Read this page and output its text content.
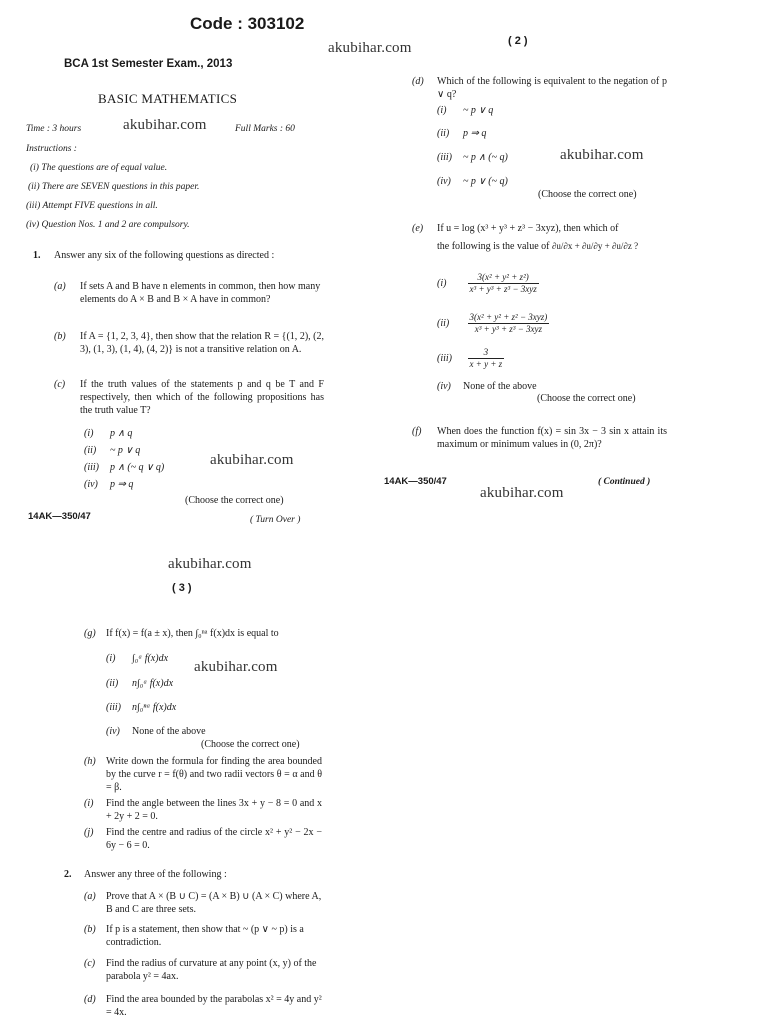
Code : 303102
akubihar.com
BCA 1st Semester Exam., 2013
BASIC MATHEMATICS
Time : 3 hours	akubihar.com	Full Marks : 60
Instructions :
(i) The questions are of equal value.
(ii) There are SEVEN questions in this paper.
(iii) Attempt FIVE questions in all.
(iv) Question Nos. 1 and 2 are compulsory.
1. Answer any six of the following questions as directed :
(a) If sets A and B have n elements in common, then how many elements do A × B and B × A have in common?
(b) If A = {1, 2, 3, 4}, then show that the relation R = {(1, 2), (2, 3), (1, 3), (1, 4), (4, 2)} is not a transitive relation on A.
(c) If the truth values of the statements p and q be T and F respectively, then which of the following propositions has the truth value T?
(i) p ∧ q
(ii) ~ p ∨ q
(iii) p ∧ (~ q ∨ q)	akubihar.com
(iv) p ⇒ q
(Choose the correct one)
14AK—350/47	( Turn Over )
( 2 )
(d) Which of the following is equivalent to the negation of p ∨ q?
(i) ~ p ∨ q
(ii) p ⇒ q
(iii) ~ p ∧ (~ q)	akubihar.com
(iv) ~ p ∨ (~ q)
(Choose the correct one)
(e) If u = log (x³ + y³ + z³ − 3xyz), then which of
the following is the value of ∂u/∂x + ∂u/∂y + ∂u/∂z ?
$(i) \frac{\text{3(x² + y² + z²)}}{\text{x³ + y³ + z³ − 3xyz}}$
$(ii) \frac{\text{3(x² + y² + z² − 3xyz)}}{\text{x³ + y³ + z³ − 3xyz}}$
$(iii) \frac{3}{x + y + z}$
(iv) None of the above
(Choose the correct one)
(f) When does the function f(x) = sin 3x − 3 sin x attain its maximum or minimum values in (0, 2π)?
14AK—350/47
akubihar.com
( Continued )
akubihar.com
( 3 )
(g) If f(x) = f(a ± x), then ∫₀ⁿᵃ f(x)dx is equal to
(i) ∫₀ᵃ f(x)dx
akubihar.com
(ii) n∫₀ᵃ f(x)dx
(iii) n∫₀ⁿᵃ f(x)dx
(iv) None of the above
(Choose the correct one)
(h) Write down the formula for finding the area bounded by the curve r = f(θ) and two radii vectors θ = α and θ = β.
(i) Find the angle between the lines 3x + y − 8 = 0 and x + 2y + 2 = 0.
(j) Find the centre and radius of the circle x² + y² − 2x − 6y − 6 = 0.
2. Answer any three of the following :
(a) Prove that A × (B ∪ C) = (A × B) ∪ (A × C) where A, B and C are three sets.
(b) If p is a statement, then show that ~ (p ∨ ~ p) is a contradiction.
(c) Find the radius of curvature at any point (x, y) of the parabola y² = 4ax.
(d) Find the area bounded by the parabolas x² = 4y and y² = 4x.
